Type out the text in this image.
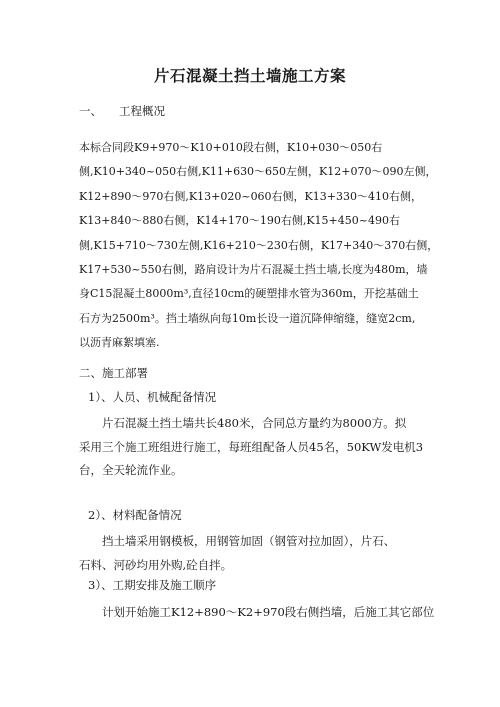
片石混凝土挡土墙施工方案
一、 工程概况
本标合同段K9+970～K10+010段右侧，K10+030～050右
侧,K10+340~050右侧,K11+630～650左侧，K12+070～090左侧，
K12+890～970右侧,K13+020~060右侧，K13+330～410右侧，
K13+840～880右侧，K14+170～190右侧,K15+450~490右
侧,K15+710～730左侧,K16+210～230右侧，K17+340～370右侧，
K17+530~550右侧，路肩设计为片石混凝土挡土墙,长度为480m，墙
身C15混凝土8000m³,直径10cm的硬塑排水管为360m，开挖基础土
石方为2500m³。挡土墙纵向每10m长设一道沉降伸缩缝，缝宽2cm,
以沥青麻絮填塞.
二、施工部署
1）、人员、机械配备情况
片石混凝土挡土墙共长480米，合同总方量约为8000方。拟
采用三个施工班组进行施工，每班组配备人员45名，50KW发电机3
台，全天轮流作业。
2）、材料配备情况
挡土墙采用钢模板，用钢管加固（钢管对拉加固），片石、
石料、河砂均用外购,砼自拌。
3）、工期安排及施工顺序
计划开始施工K12+890～K2+970段右侧挡墙，后施工其它部位
